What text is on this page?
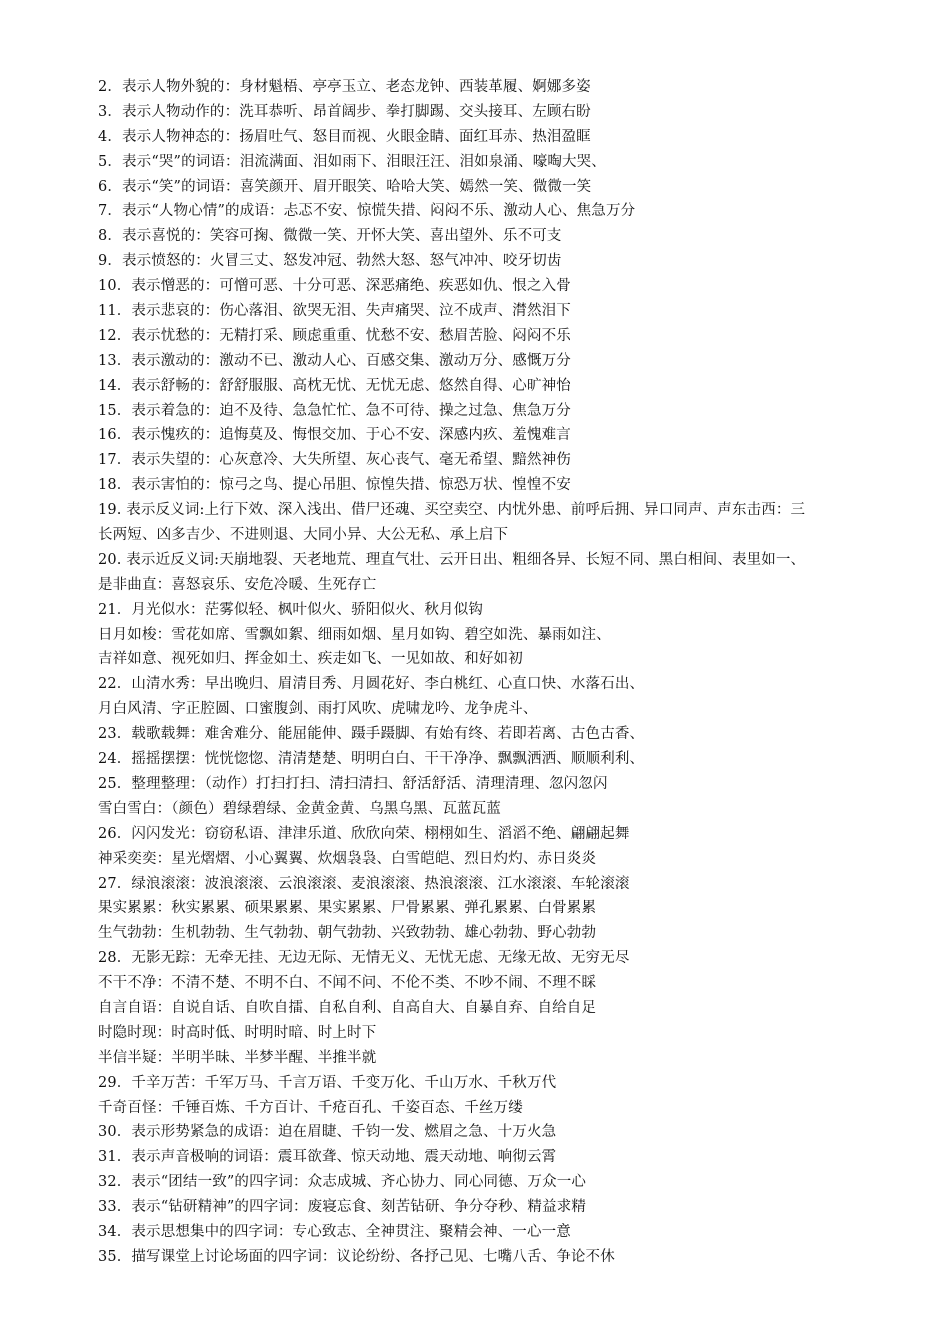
2．表示人物外貌的：身材魁梧、亭亭玉立、老态龙钟、西装革履、婀娜多姿
3．表示人物动作的：洗耳恭听、昂首阔步、拳打脚踢、交头接耳、左顾右盼
4．表示人物神态的：扬眉吐气、怒目而视、火眼金睛、面红耳赤、热泪盈眶
5．表示“哭”的词语：泪流满面、泪如雨下、泪眼汪汪、泪如泉涌、嚎啕大哭、
6．表示“笑”的词语：喜笑颜开、眉开眼笑、哈哈大笑、嫣然一笑、微微一笑
7．表示“人物心情”的成语：忐忑不安、惊慌失措、闷闷不乐、激动人心、焦急万分
8．表示喜悦的：笑容可掬、微微一笑、开怀大笑、喜出望外、乐不可支
9．表示愤怒的：火冒三丈、怒发冲冠、勃然大怒、怒气冲冲、咬牙切齿
10．表示憎恶的：可憎可恶、十分可恶、深恶痛绝、疾恶如仇、恨之入骨
11．表示悲哀的：伤心落泪、欲哭无泪、失声痛哭、泣不成声、潸然泪下
12．表示忧愁的：无精打采、顾虑重重、忧愁不安、愁眉苦脸、闷闷不乐
13．表示激动的：激动不已、激动人心、百感交集、激动万分、感慨万分
14．表示舒畅的：舒舒服服、高枕无忧、无忧无虑、悠然自得、心旷神怡
15．表示着急的：迫不及待、急急忙忙、急不可待、操之过急、焦急万分
16．表示愧疚的：追悔莫及、悔恨交加、于心不安、深感内疚、羞愧难言
17．表示失望的：心灰意冷、大失所望、灰心丧气、毫无希望、黯然神伤
18．表示害怕的：惊弓之鸟、提心吊胆、惊惶失措、惊恐万状、惶惶不安
19. 表示反义词:上行下效、深入浅出、借尸还魂、买空卖空、内忧外患、前呼后拥、异口同声、声东击西：三
长两短、凶多吉少、不进则退、大同小异、大公无私、承上启下
20. 表示近反义词:天崩地裂、天老地荒、理直气壮、云开日出、粗细各异、长短不同、黑白相间、表里如一、
是非曲直：喜怒哀乐、安危冷暖、生死存亡
21．月光似水：茫雾似轻、枫叶似火、骄阳似火、秋月似钩
日月如梭：雪花如席、雪飘如絮、细雨如烟、星月如钩、碧空如洗、暴雨如注、
吉祥如意、视死如归、挥金如土、疾走如飞、一见如故、和好如初
22．山清水秀：早出晚归、眉清目秀、月圆花好、李白桃红、心直口快、水落石出、
月白风清、字正腔圆、口蜜腹剑、雨打风吹、虎啸龙吟、龙争虎斗、
23．载歌载舞：难舍难分、能屈能伸、蹑手蹑脚、有始有终、若即若离、古色古香、
24．摇摇摆摆：恍恍惚惚、清清楚楚、明明白白、干干净净、飘飘洒洒、顺顺利利、
25．整理整理：（动作）打扫打扫、清扫清扫、舒活舒活、清理清理、忽闪忽闪
雪白雪白：（颜色）碧绿碧绿、金黄金黄、乌黑乌黑、瓦蓝瓦蓝
26．闪闪发光：窃窃私语、津津乐道、欣欣向荣、栩栩如生、滔滔不绝、翩翩起舞
神采奕奕：星光熠熠、小心翼翼、炊烟袅袅、白雪皑皑、烈日灼灼、赤日炎炎
27．绿浪滚滚：波浪滚滚、云浪滚滚、麦浪滚滚、热浪滚滚、江水滚滚、车轮滚滚
果实累累：秋实累累、硕果累累、果实累累、尸骨累累、弹孔累累、白骨累累
生气勃勃：生机勃勃、生气勃勃、朝气勃勃、兴致勃勃、雄心勃勃、野心勃勃
28．无影无踪：无牵无挂、无边无际、无情无义、无忧无虑、无缘无故、无穷无尽
不干不净：不清不楚、不明不白、不闻不问、不伦不类、不吵不闹、不理不睬
自言自语：自说自话、自吹自擂、自私自利、自高自大、自暴自弃、自给自足
时隐时现：时高时低、时明时暗、时上时下
半信半疑：半明半昧、半梦半醒、半推半就
29．千辛万苦：千军万马、千言万语、千变万化、千山万水、千秋万代
千奇百怪：千锤百炼、千方百计、千疮百孔、千姿百态、千丝万缕
30．表示形势紧急的成语：迫在眉睫、千钧一发、燃眉之急、十万火急
31．表示声音极响的词语：震耳欲聋、惊天动地、震天动地、响彻云霄
32．表示“团结一致”的四字词：众志成城、齐心协力、同心同德、万众一心
33．表示“钻研精神”的四字词：废寝忘食、刻苦钻研、争分夺秒、精益求精
34．表示思想集中的四字词：专心致志、全神贯注、聚精会神、一心一意
35．描写课堂上讨论场面的四字词：议论纷纷、各抒己见、七嘴八舌、争论不休
